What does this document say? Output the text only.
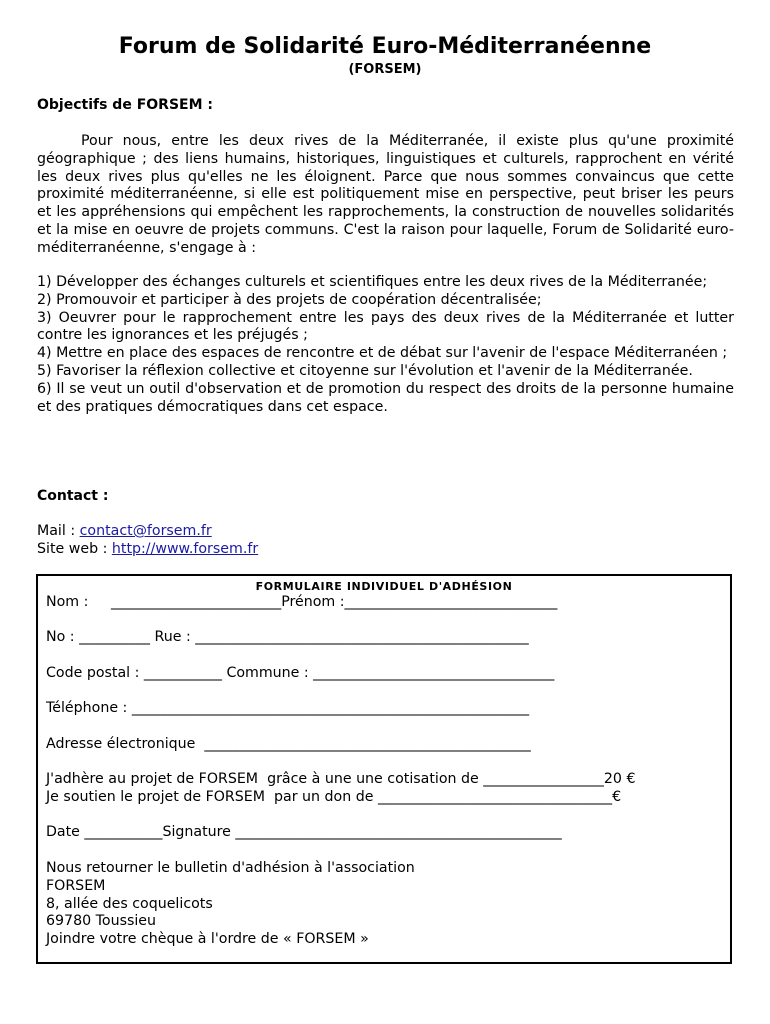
Forum de Solidarité Euro-Méditerranéenne
(FORSEM)
Objectifs de FORSEM :
Pour nous, entre les deux rives de la Méditerranée, il existe plus qu'une proximité géographique ; des liens humains, historiques, linguistiques et culturels, rapprochent en vérité les deux rives plus qu'elles ne les éloignent. Parce que nous sommes convaincus que cette proximité méditerranéenne, si elle est politiquement mise en perspective, peut briser les peurs et les appréhensions qui empêchent les rapprochements, la construction de nouvelles solidarités et la mise en oeuvre de projets communs. C'est la raison pour laquelle, Forum de Solidarité euro-méditerranéenne, s'engage à :

1) Développer des échanges culturels et scientifiques entre les deux rives de la Méditerranée;

2) Promouvoir et participer à des projets de coopération décentralisée;

3) Oeuvrer pour le rapprochement entre les pays des deux rives de la Méditerranée et lutter contre les ignorances et les préjugés ;

4) Mettre en place des espaces de rencontre et de débat sur l'avenir de l'espace Méditerranéen ;

5) Favoriser la réflexion collective et citoyenne sur l'évolution et l'avenir de la Méditerranée.

6) Il se veut un outil d'observation et de promotion du respect des droits de la personne humaine et des pratiques démocratiques dans cet espace.

Contact :
Mail : contact@forsem.fr
Site web : http://www.forsem.fr
FORMULAIRE INDIVIDUEL D'ADHÉSION
Nom :     ________________________Prénom :______________________________
No : __________ Rue : _______________________________________________
Code postal : ___________ Commune : __________________________________
Téléphone : ________________________________________________________
Adresse électronique  ______________________________________________
J'adhère au projet de FORSEM  grâce à une une cotisation de _________________20 €
Je soutien le projet de FORSEM  par un don de _________________________________€
Date ___________Signature ______________________________________________
Nous retourner le bulletin d'adhésion à l'association
FORSEM
8, allée des coquelicots
69780 Toussieu
Joindre votre chèque à l'ordre de « FORSEM »
